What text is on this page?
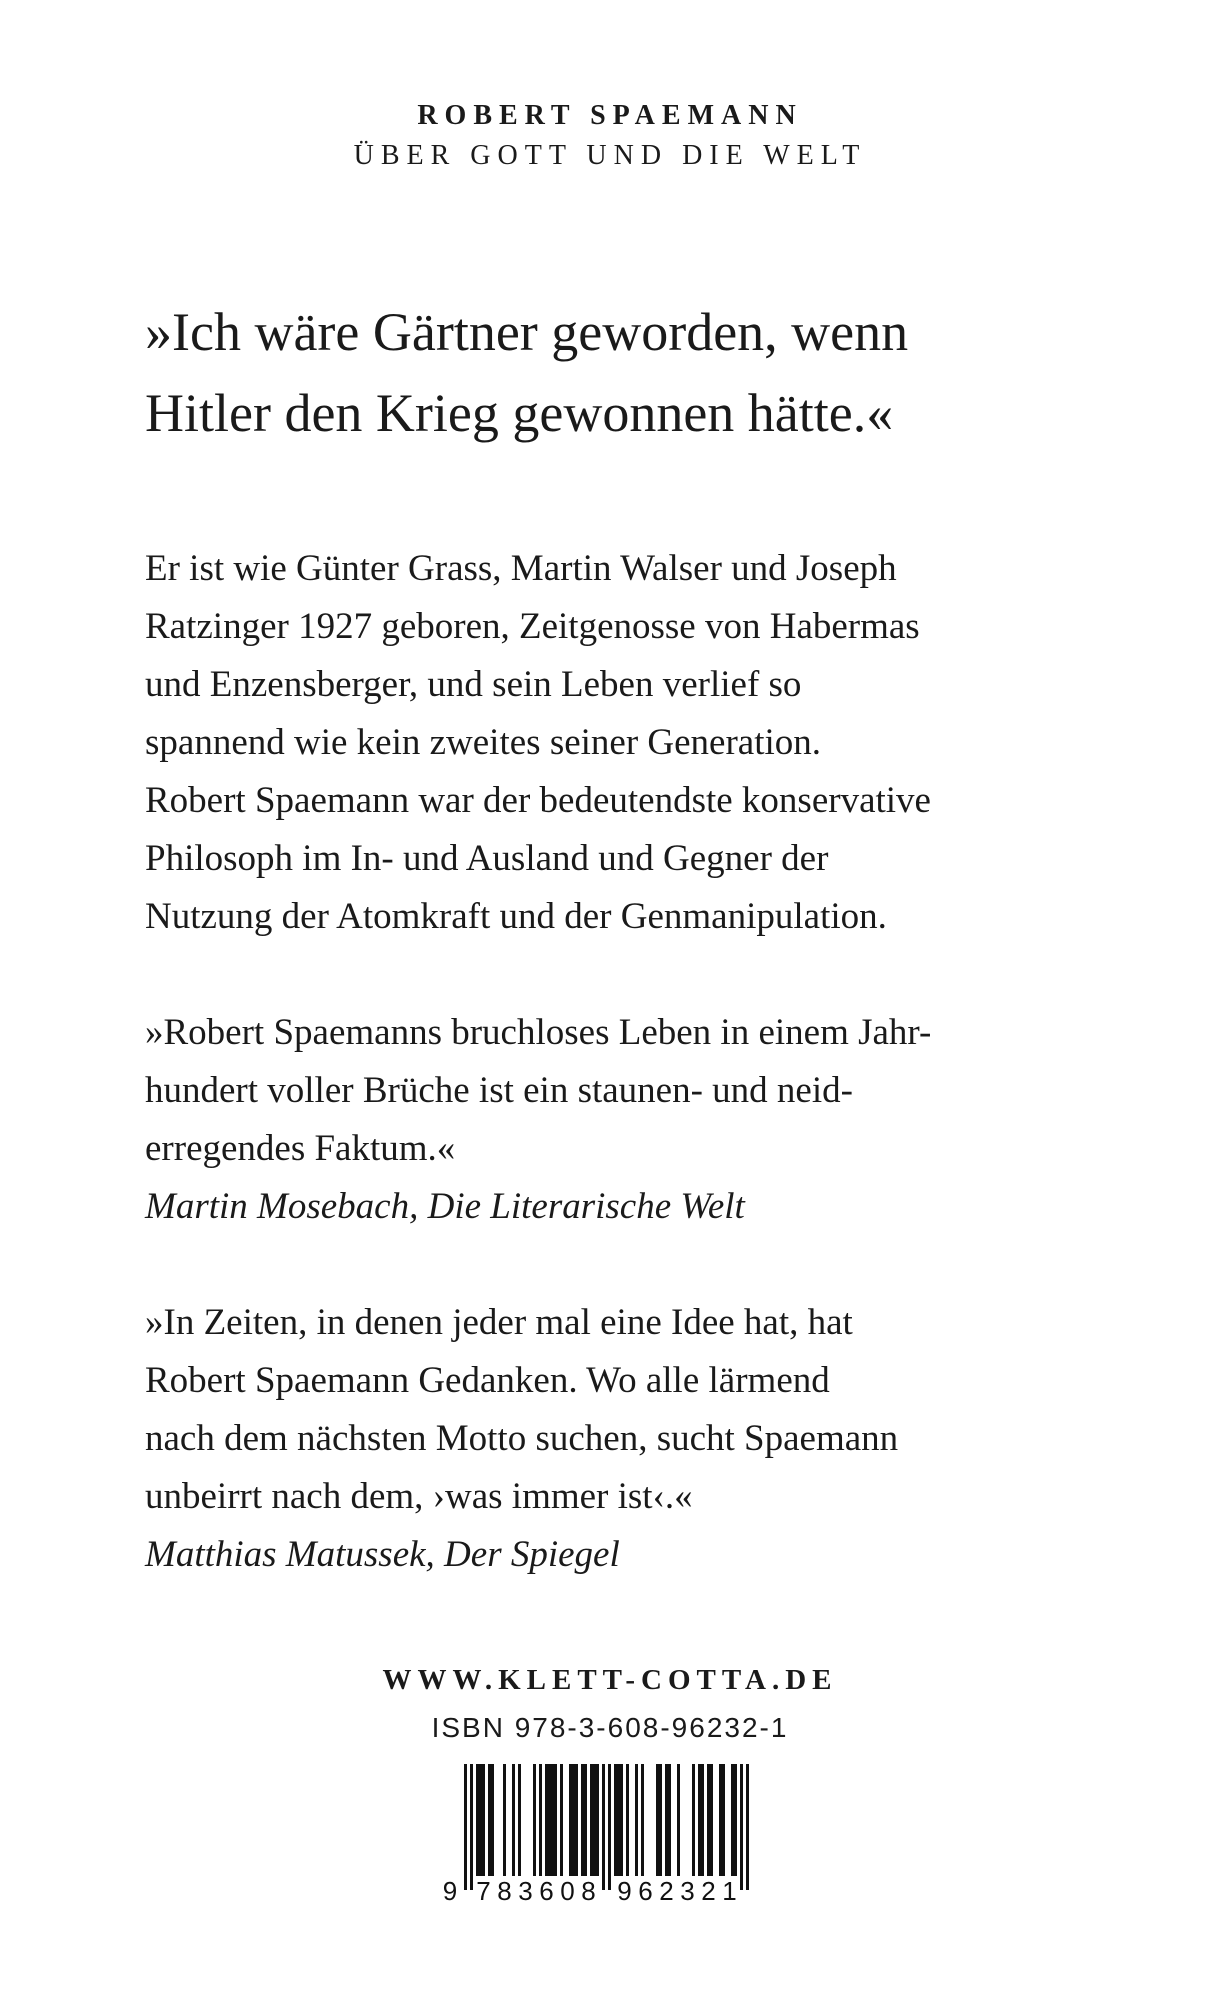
ROBERT SPAEMANN
ÜBER GOTT UND DIE WELT

»Ich wäre Gärtner geworden, wenn

Hitler den Krieg gewonnen hätte.«

Er ist wie Günter Grass, Martin Walser und Joseph

Ratzinger 1927 geboren, Zeitgenosse von Habermas

und Enzensberger, und sein Leben verlief so

spannend wie kein zweites seiner Generation.

Robert Spaemann war der bedeutendste konservative

Philosoph im In- und Ausland und Gegner der

Nutzung der Atomkraft und der Genmanipulation.

»Robert Spaemanns bruchloses Leben in einem Jahr-

hundert voller Brüche ist ein staunen- und neid-

erregendes Faktum.«

Martin Mosebach, Die Literarische Welt

»In Zeiten, in denen jeder mal eine Idee hat, hat

Robert Spaemann Gedanken. Wo alle lärmend

nach dem nächsten Motto suchen, sucht Spaemann

unbeirrt nach dem, ›was immer ist‹.«

Matthias Matussek, Der Spiegel

WWW.KLETT-COTTA.DE
ISBN 978-3-608-96232-1
9 7 8 3 6 0 8 9 6 2 3 2 1
